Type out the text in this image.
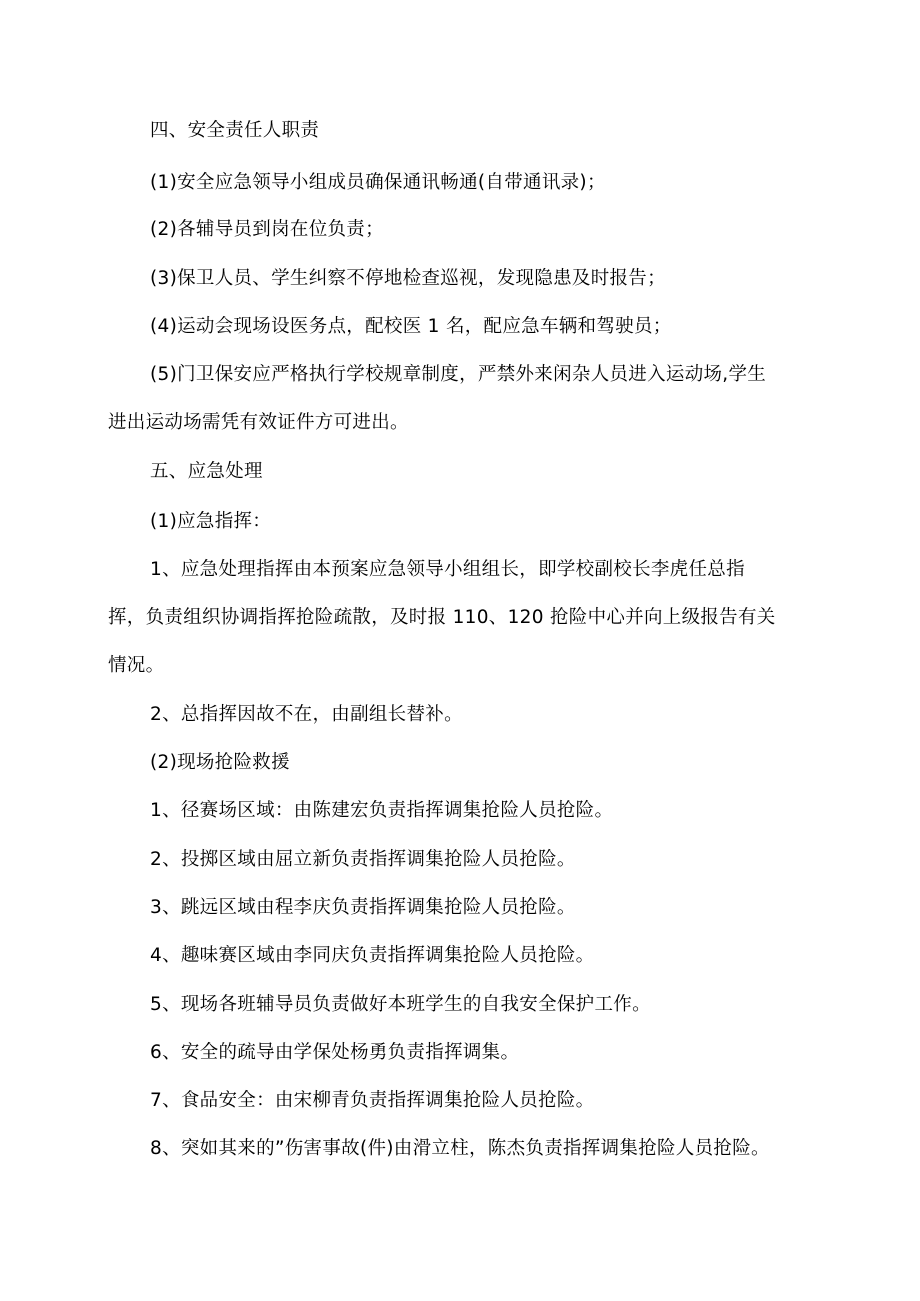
四、安全责任人职责
(1)安全应急领导小组成员确保通讯畅通(自带通讯录)；
(2)各辅导员到岗在位负责；
(3)保卫人员、学生纠察不停地检查巡视，发现隐患及时报告；
(4)运动会现场设医务点，配校医 1 名，配应急车辆和驾驶员；
(5)门卫保安应严格执行学校规章制度，严禁外来闲杂人员进入运动场,学生
进出运动场需凭有效证件方可进出。
五、应急处理
(1)应急指挥：
1、应急处理指挥由本预案应急领导小组组长，即学校副校长李虎任总指
挥，负责组织协调指挥抢险疏散，及时报 110、120 抢险中心并向上级报告有关
情况。
2、总指挥因故不在，由副组长替补。
(2)现场抢险救援
1、径赛场区域：由陈建宏负责指挥调集抢险人员抢险。
2、投掷区域由屈立新负责指挥调集抢险人员抢险。
3、跳远区域由程李庆负责指挥调集抢险人员抢险。
4、趣味赛区域由李同庆负责指挥调集抢险人员抢险。
5、现场各班辅导员负责做好本班学生的自我安全保护工作。
6、安全的疏导由学保处杨勇负责指挥调集。
7、食品安全：由宋柳青负责指挥调集抢险人员抢险。
8、突如其来的”伤害事故(件)由滑立柱，陈杰负责指挥调集抢险人员抢险。
